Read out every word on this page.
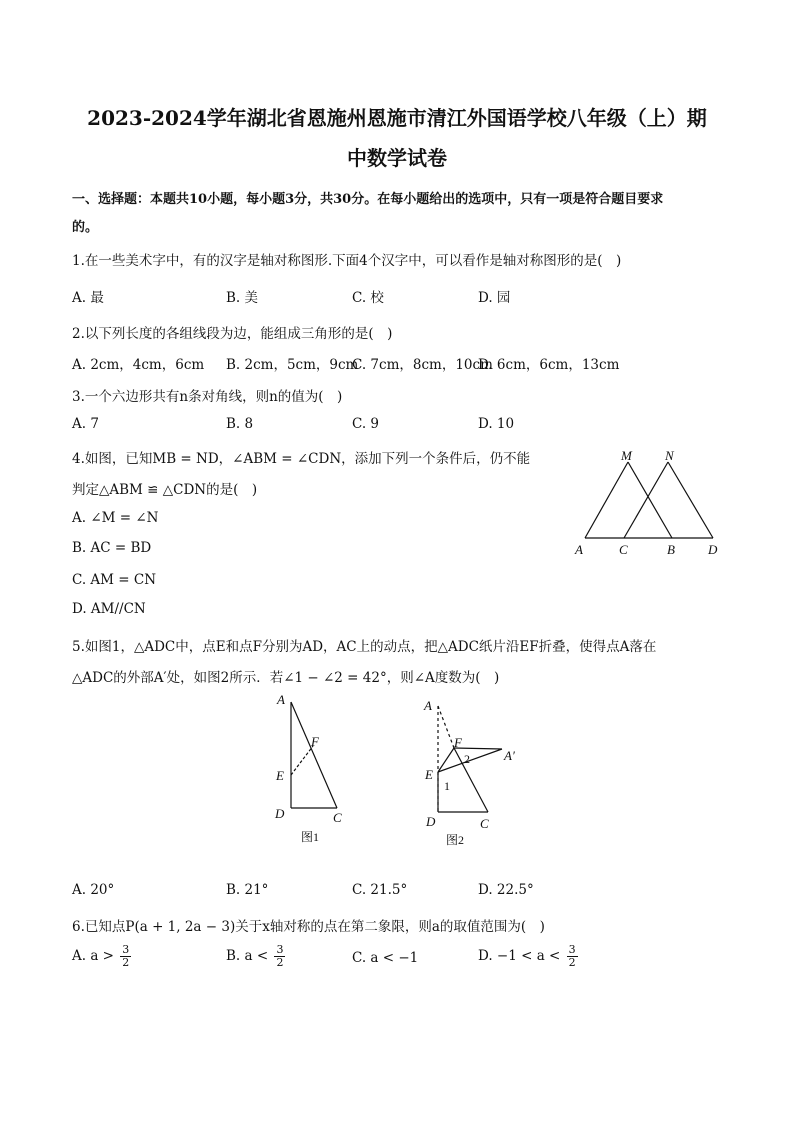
2023-2024学年湖北省恩施州恩施市清江外国语学校八年级（上）期
中数学试卷
一、选择题：本题共10小题，每小题3分，共30分。在每小题给出的选项中，只有一项是符合题目要求
的。
1.在一些美术字中，有的汉字是轴对称图形.下面4个汉字中，可以看作是轴对称图形的是(　)
A. 最	B. 美	C. 校	D. 园
2.以下列长度的各组线段为边，能组成三角形的是(　)
A. 2cm，4cm，6cm B. 2cm，5cm，9cm
C. 7cm，8cm，10cm
D. 6cm，6cm，13cm
3.一个六边形共有n条对角线，则n的值为(　)
A. 7	B. 8	C. 9	D. 10
4.如图，已知MB = ND，∠ABM = ∠CDN，添加下列一个条件后，仍不能
判定△ABM ≌ △CDN的是(　)
A. ∠M = ∠N
B. AC = BD
C. AM = CN
D. AM//CN
M	N
A	C	B	D
5.如图1，△ADC中，点E和点F分别为AD，AC上的动点，把△ADC纸片沿EF折叠，使得点A落在
△ADC的外部A′处，如图2所示．若∠1 − ∠2 = 42°，则∠A度数为(　)
A
F
E
D	C
图1
A
F
A′
E
D	C
2
1
图2
A. 20°	B. 21°	C. 21.5°	D. 22.5°
6.已知点P(a + 1, 2a − 3)关于x轴对称的点在第二象限，则a的取值范围为(　)
A. $a > \frac{3}{2}$	B. $a < \frac{3}{2}$	C. a < −1	D. $-1 < a < \frac{3}{2}$
